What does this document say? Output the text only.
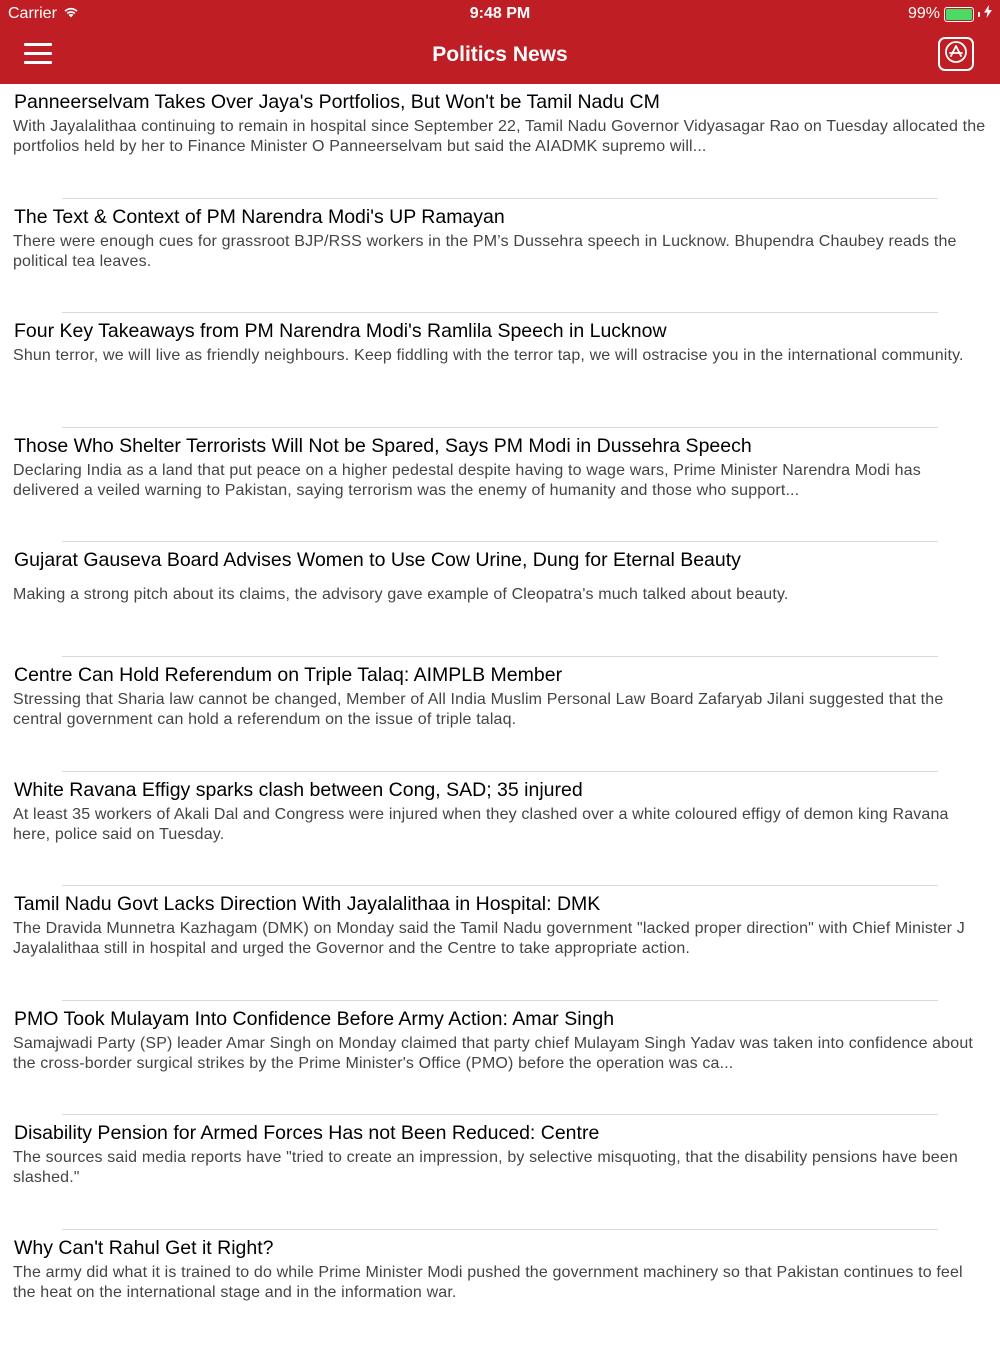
Carrier	9:48 PM	99%
Politics News
Panneerselvam Takes Over Jaya's Portfolios, But Won't be Tamil Nadu CM
With Jayalalithaa continuing to remain in hospital since September 22, Tamil Nadu Governor Vidyasagar Rao on Tuesday allocated the portfolios held by her to Finance Minister O Panneerselvam but said the AIADMK supremo will...
The Text & Context of PM Narendra Modi's UP Ramayan
There were enough cues for grassroot BJP/RSS workers in the PM’s Dussehra speech in Lucknow. Bhupendra Chaubey reads the political tea leaves.
Four Key Takeaways from PM Narendra Modi's Ramlila Speech in Lucknow
Shun terror, we will live as friendly neighbours. Keep fiddling with the terror tap, we will ostracise you in the international community.
Those Who Shelter Terrorists Will Not be Spared, Says PM Modi in Dussehra Speech
Declaring India as a land that put peace on a higher pedestal despite having to wage wars, Prime Minister Narendra Modi has delivered a veiled warning to Pakistan, saying terrorism was the enemy of humanity and those who support...
Gujarat Gauseva Board Advises Women to Use Cow Urine, Dung for Eternal Beauty
Making a strong pitch about its claims, the advisory gave example of Cleopatra's much talked about beauty.
Centre Can Hold Referendum on Triple Talaq: AIMPLB Member
Stressing that Sharia law cannot be changed, Member of All India Muslim Personal Law Board Zafaryab Jilani suggested that the central government can hold a referendum on the issue of triple talaq.
White Ravana Effigy sparks clash between Cong, SAD; 35 injured
At least 35 workers of Akali Dal and Congress were injured when they clashed over a white coloured effigy of demon king Ravana here, police said on Tuesday.
Tamil Nadu Govt Lacks Direction With Jayalalithaa in Hospital: DMK
The Dravida Munnetra Kazhagam (DMK) on Monday said the Tamil Nadu government "lacked proper direction" with Chief Minister J Jayalalithaa still in hospital and urged the Governor and the Centre to take appropriate action.
PMO Took Mulayam Into Confidence Before Army Action: Amar Singh
Samajwadi Party (SP) leader Amar Singh on Monday claimed that party chief Mulayam Singh Yadav was taken into confidence about the cross-border surgical strikes by the Prime Minister's Office (PMO) before the operation was ca...
Disability Pension for Armed Forces Has not Been Reduced: Centre
The sources said media reports have "tried to create an impression, by selective misquoting, that the disability pensions have been slashed."
Why Can't Rahul Get it Right?
The army did what it is trained to do while Prime Minister Modi pushed the government machinery so that Pakistan continues to feel the heat on the international stage and in the information war.
